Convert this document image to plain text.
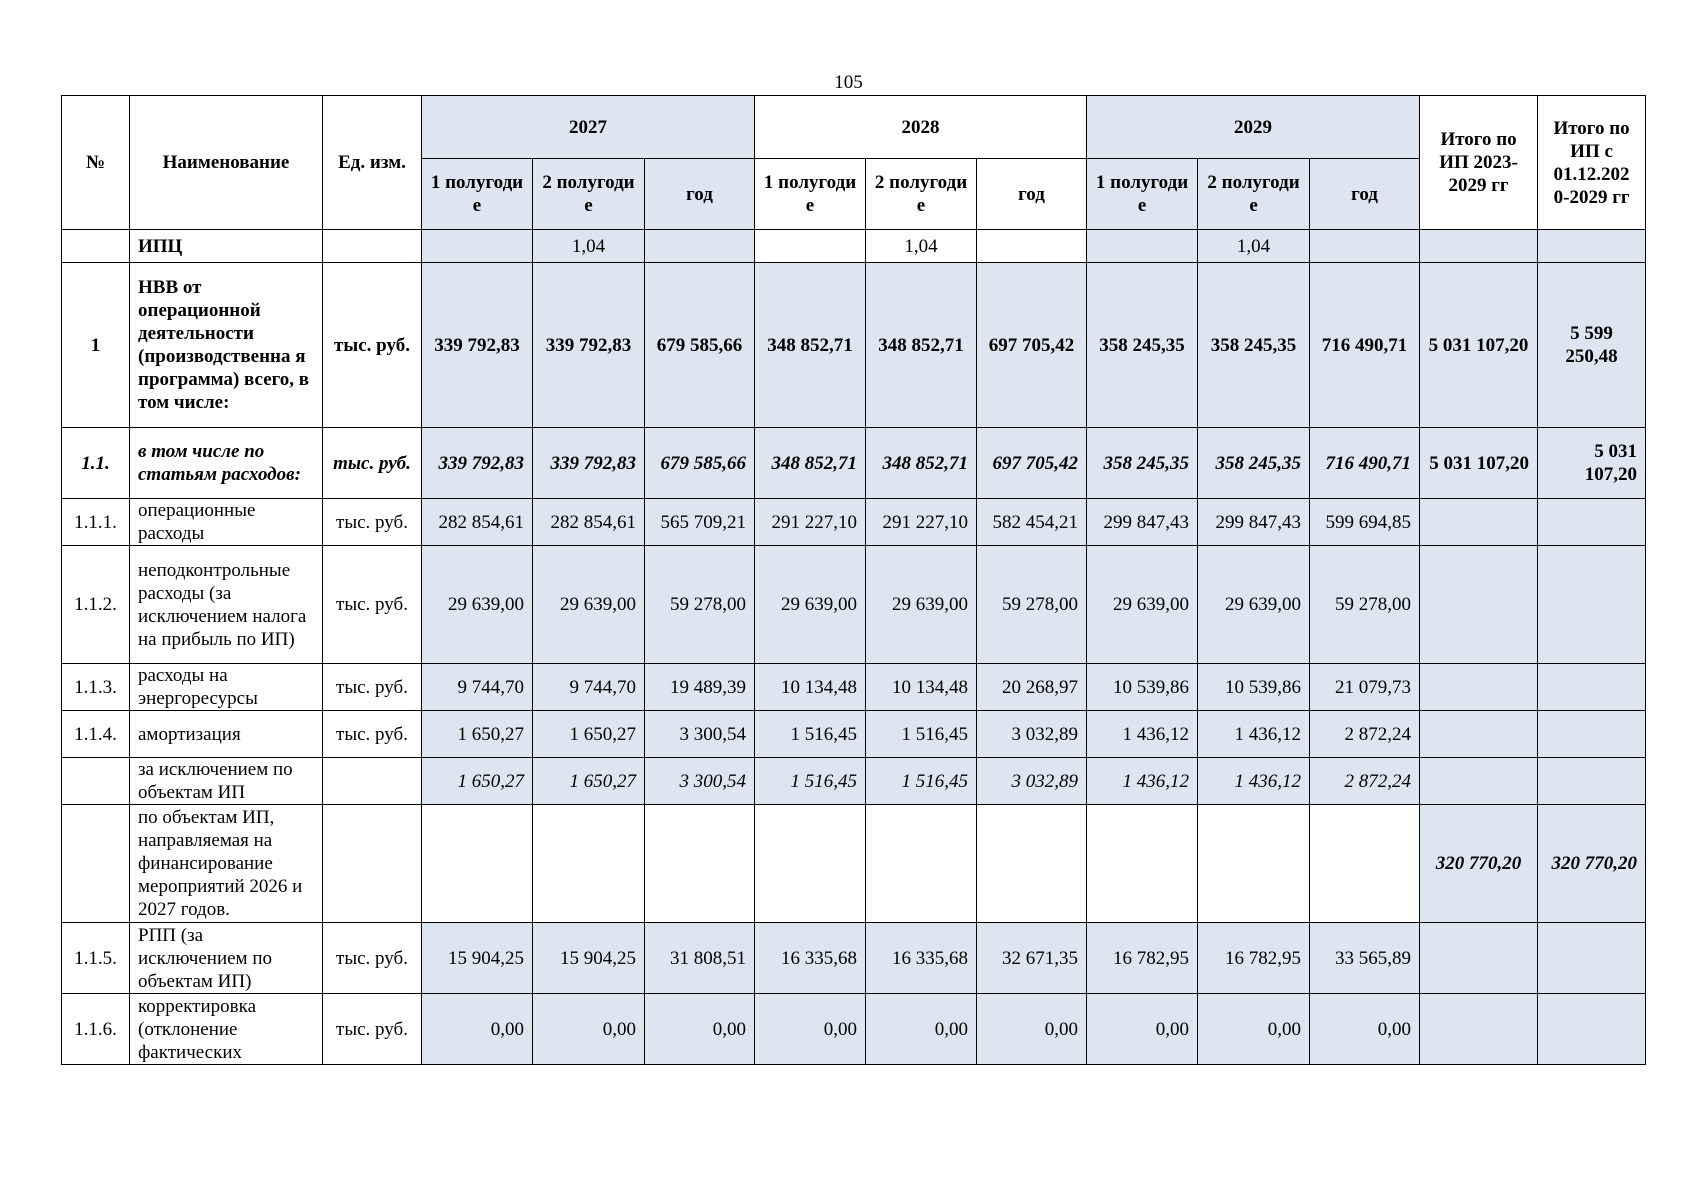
105
№	Наименование	Ед. изм.	2027			2028			2029			Итого по ИП 2023-2029 гг	Итого по ИП с 01.12.202 0-2029 гг
			1 полугоди е	2 полугоди е	год	1 полугоди е	2 полугоди е	год	1 полугоди е	2 полугоди е	год		
	ИПЦ			1,04			1,04			1,04			
1	НВВ от операционной деятельности (производственна я программа) всего, в том числе:	тыс. руб.	339 792,83	339 792,83	679 585,66	348 852,71	348 852,71	697 705,42	358 245,35	358 245,35	716 490,71	5 031 107,20	5 599 250,48
1.1.	в том числе по статьям расходов:	тыс. руб.	339 792,83	339 792,83	679 585,66	348 852,71	348 852,71	697 705,42	358 245,35	358 245,35	716 490,71	5 031 107,20	5 031 107,20
1.1.1.	операционные расходы	тыс. руб.	282 854,61	282 854,61	565 709,21	291 227,10	291 227,10	582 454,21	299 847,43	299 847,43	599 694,85		
1.1.2.	неподконтрольные расходы (за исключением налога на прибыль по ИП)	тыс. руб.	29 639,00	29 639,00	59 278,00	29 639,00	29 639,00	59 278,00	29 639,00	29 639,00	59 278,00		
1.1.3.	расходы на энергоресурсы	тыс. руб.	9 744,70	9 744,70	19 489,39	10 134,48	10 134,48	20 268,97	10 539,86	10 539,86	21 079,73		
1.1.4.	амортизация	тыс. руб.	1 650,27	1 650,27	3 300,54	1 516,45	1 516,45	3 032,89	1 436,12	1 436,12	2 872,24		
	за исключением по объектам ИП		1 650,27	1 650,27	3 300,54	1 516,45	1 516,45	3 032,89	1 436,12	1 436,12	2 872,24		
	по объектам ИП, направляемая на финансирование мероприятий 2026 и 2027 годов.											320 770,20	320 770,20
1.1.5.	РПП (за исключением по объектам ИП)	тыс. руб.	15 904,25	15 904,25	31 808,51	16 335,68	16 335,68	32 671,35	16 782,95	16 782,95	33 565,89		
1.1.6.	корректировка (отклонение фактических	тыс. руб.	0,00	0,00	0,00	0,00	0,00	0,00	0,00	0,00	0,00		
